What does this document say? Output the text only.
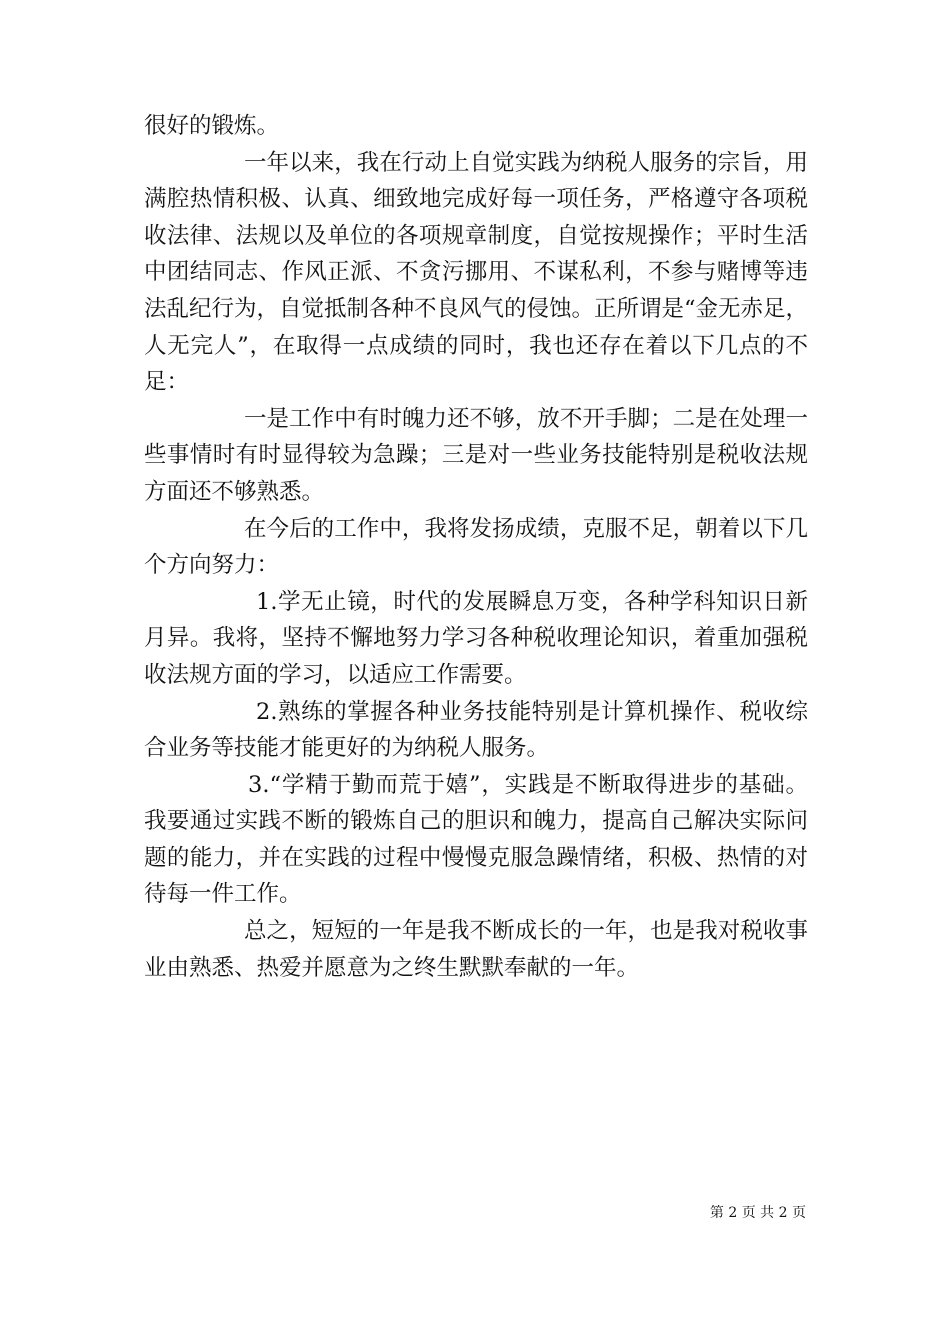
很好的锻炼。

一年以来，我在行动上自觉实践为纳税人服务的宗旨，用满腔热情积极、认真、细致地完成好每一项任务，严格遵守各项税收法律、法规以及单位的各项规章制度，自觉按规操作；平时生活中团结同志、作风正派、不贪污挪用、不谋私利，不参与赌博等违法乱纪行为，自觉抵制各种不良风气的侵蚀。正所谓是“金无赤足，人无完人”，在取得一点成绩的同时，我也还存在着以下几点的不足：

一是工作中有时魄力还不够，放不开手脚；二是在处理一些事情时有时显得较为急躁；三是对一些业务技能特别是税收法规方面还不够熟悉。

在今后的工作中，我将发扬成绩，克服不足，朝着以下几个方向努力：

1.学无止镜，时代的发展瞬息万变，各种学科知识日新月异。我将，坚持不懈地努力学习各种税收理论知识，着重加强税收法规方面的学习，以适应工作需要。

2.熟练的掌握各种业务技能特别是计算机操作、税收综合业务等技能才能更好的为纳税人服务。

3.“学精于勤而荒于嬉”，实践是不断取得进步的基础。我要通过实践不断的锻炼自己的胆识和魄力，提高自己解决实际问题的能力，并在实践的过程中慢慢克服急躁情绪，积极、热情的对待每一件工作。

总之，短短的一年是我不断成长的一年，也是我对税收事业由熟悉、热爱并愿意为之终生默默奉献的一年。

第 2 页 共 2 页
